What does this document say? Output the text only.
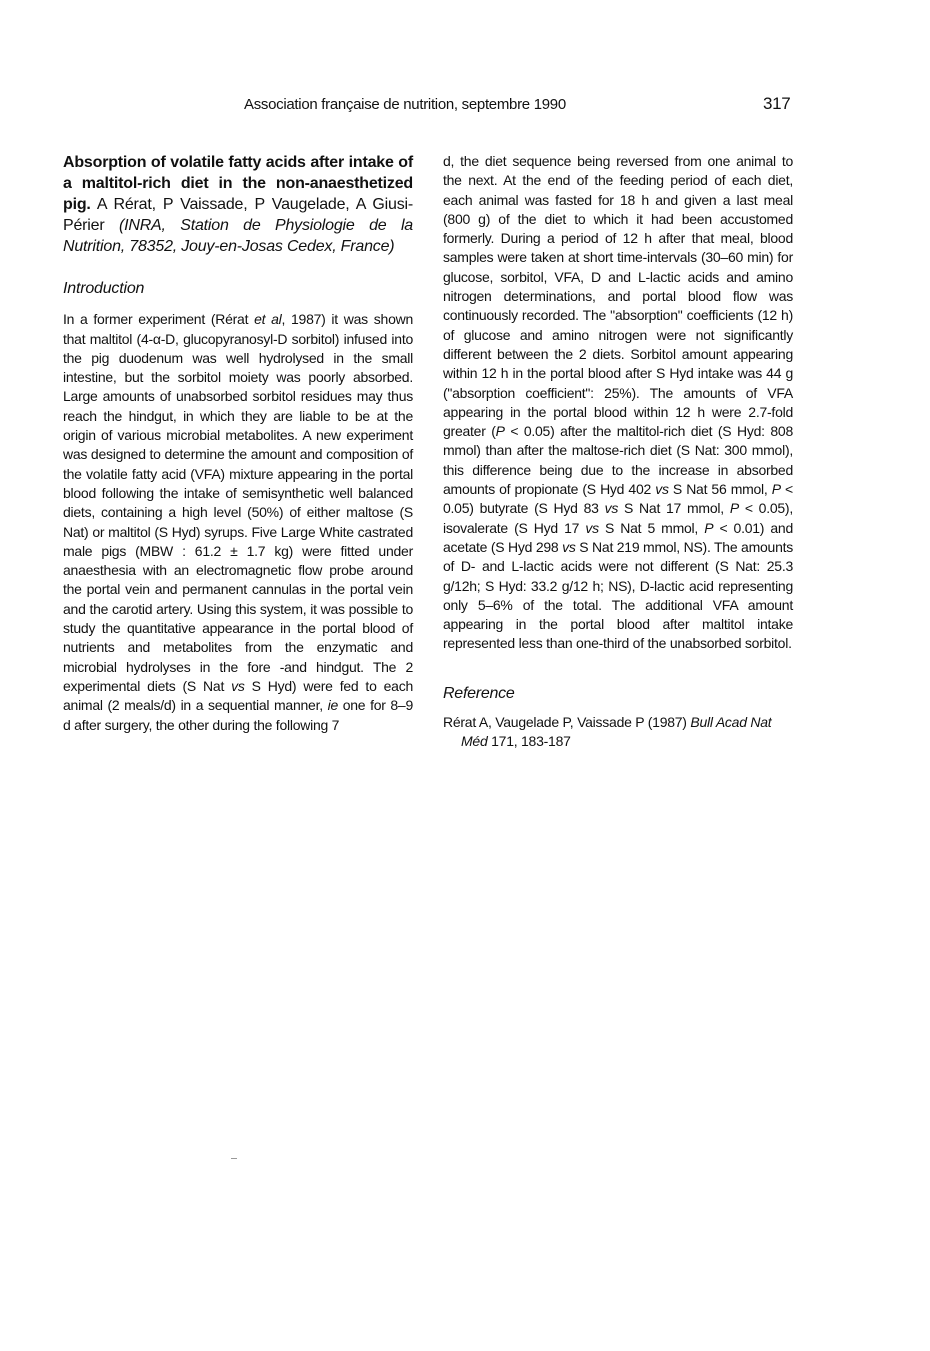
Association française de nutrition, septembre 1990	317

Absorption of volatile fatty acids after intake of a maltitol-rich diet in the non-anaesthetized pig. A Rérat, P Vaissade, P Vaugelade, A Giusi-Périer (INRA, Station de Physiologie de la Nutrition, 78352, Jouy-en-Josas Cedex, France)

Introduction

In a former experiment (Rérat et al, 1987) it was shown that maltitol (4-α-D, glucopyranosyl-D sorbitol) infused into the pig duodenum was well hydrolysed in the small intestine, but the sorbitol moiety was poorly absorbed. Large amounts of unabsorbed sorbitol residues may thus reach the hindgut, in which they are liable to be at the origin of various microbial metabolites. A new experiment was designed to determine the amount and composition of the volatile fatty acid (VFA) mixture appearing in the portal blood following the intake of semisynthetic well balanced diets, containing a high level (50%) of either maltose (S Nat) or maltitol (S Hyd) syrups. Five Large White castrated male pigs (MBW : 61.2 ± 1.7 kg) were fitted under anaesthesia with an electromagnetic flow probe around the portal vein and permanent cannulas in the portal vein and the carotid artery. Using this system, it was possible to study the quantitative appearance in the portal blood of nutrients and metabolites from the enzymatic and microbial hydrolyses in the fore -and hindgut. The 2 experimental diets (S Nat vs S Hyd) were fed to each animal (2 meals/d) in a sequential manner, ie one for 8–9 d after surgery, the other during the following 7

d, the diet sequence being reversed from one animal to the next. At the end of the feeding period of each diet, each animal was fasted for 18 h and given a last meal (800 g) of the diet to which it had been accustomed formerly. During a period of 12 h after that meal, blood samples were taken at short time-intervals (30–60 min) for glucose, sorbitol, VFA, D and L-lactic acids and amino nitrogen determinations, and portal blood flow was continuously recorded. The "absorption" coefficients (12 h) of glucose and amino nitrogen were not significantly different between the 2 diets. Sorbitol amount appearing within 12 h in the portal blood after S Hyd intake was 44 g ("absorption coefficient": 25%). The amounts of VFA appearing in the portal blood within 12 h were 2.7-fold greater (P < 0.05) after the maltitol-rich diet (S Hyd: 808 mmol) than after the maltose-rich diet (S Nat: 300 mmol), this difference being due to the increase in absorbed amounts of propionate (S Hyd 402 vs S Nat 56 mmol, P < 0.05) butyrate (S Hyd 83 vs S Nat 17 mmol, P < 0.05), isovalerate (S Hyd 17 vs S Nat 5 mmol, P < 0.01) and acetate (S Hyd 298 vs S Nat 219 mmol, NS). The amounts of D- and L-lactic acids were not different (S Nat: 25.3 g/12h; S Hyd: 33.2 g/12 h; NS), D-lactic acid representing only 5–6% of the total. The additional VFA amount appearing in the portal blood after maltitol intake represented less than one-third of the unabsorbed sorbitol.

Reference

Rérat A, Vaugelade P, Vaissade P (1987) Bull Acad Nat Méd 171, 183-187
